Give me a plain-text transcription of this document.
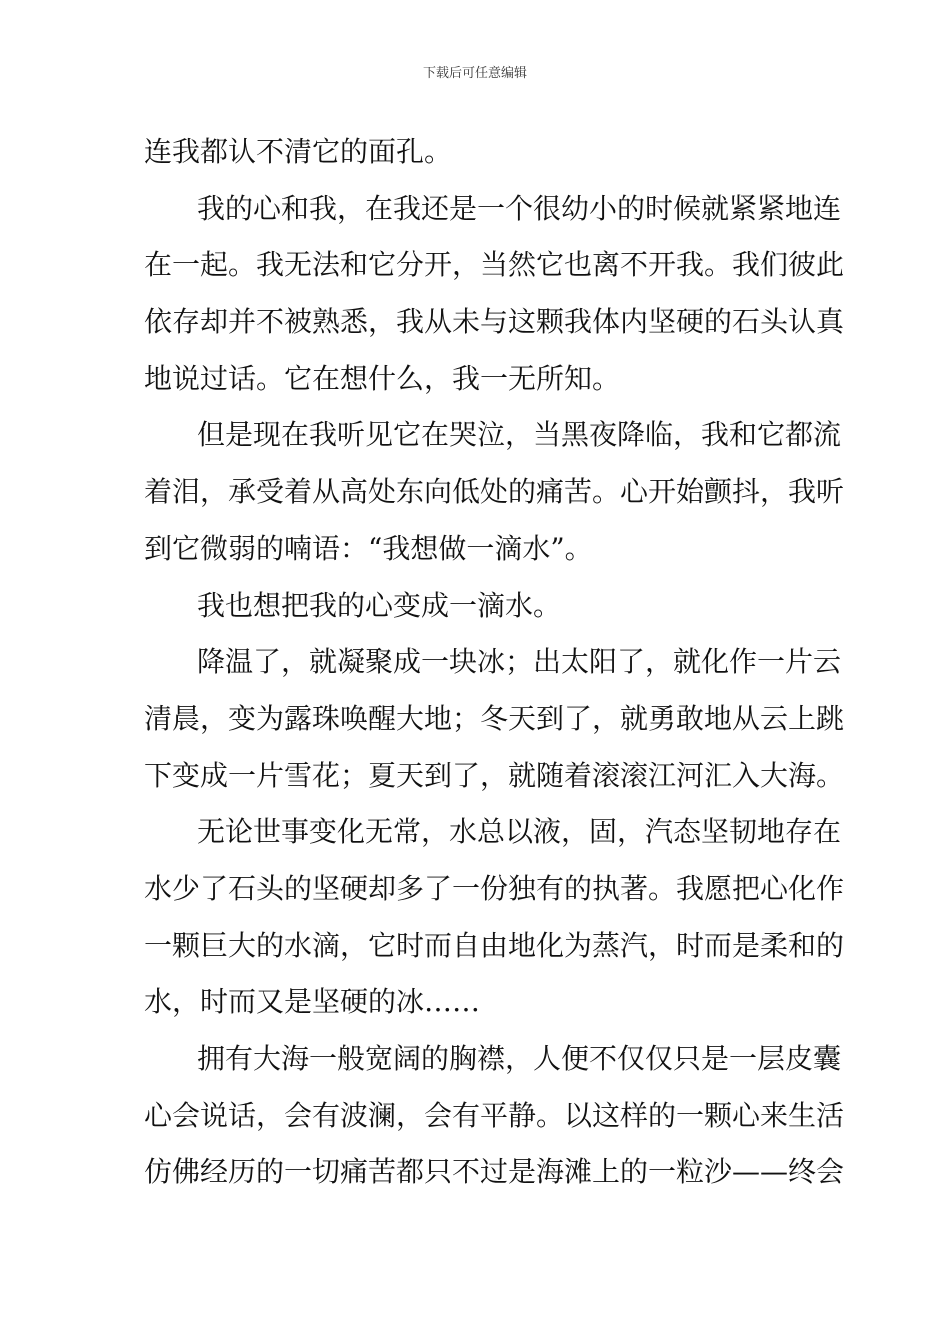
下载后可任意编辑
连我都认不清它的面孔。
我的心和我，在我还是一个很幼小的时候就紧紧地连
在一起。我无法和它分开，当然它也离不开我。我们彼此
依存却并不被熟悉，我从未与这颗我体内坚硬的石头认真
地说过话。它在想什么，我一无所知。
但是现在我听见它在哭泣，当黑夜降临，我和它都流
着泪，承受着从高处东向低处的痛苦。心开始颤抖，我听
到它微弱的喃语：“我想做一滴水”。
我也想把我的心变成一滴水。
降温了，就凝聚成一块冰；出太阳了，就化作一片云
清晨，变为露珠唤醒大地；冬天到了，就勇敢地从云上跳
下变成一片雪花；夏天到了，就随着滚滚江河汇入大海。
无论世事变化无常，水总以液，固，汽态坚韧地存在
水少了石头的坚硬却多了一份独有的执著。我愿把心化作
一颗巨大的水滴，它时而自由地化为蒸汽，时而是柔和的
水，时而又是坚硬的冰……
拥有大海一般宽阔的胸襟，人便不仅仅只是一层皮囊
心会说话，会有波澜，会有平静。以这样的一颗心来生活
仿佛经历的一切痛苦都只不过是海滩上的一粒沙——终会
